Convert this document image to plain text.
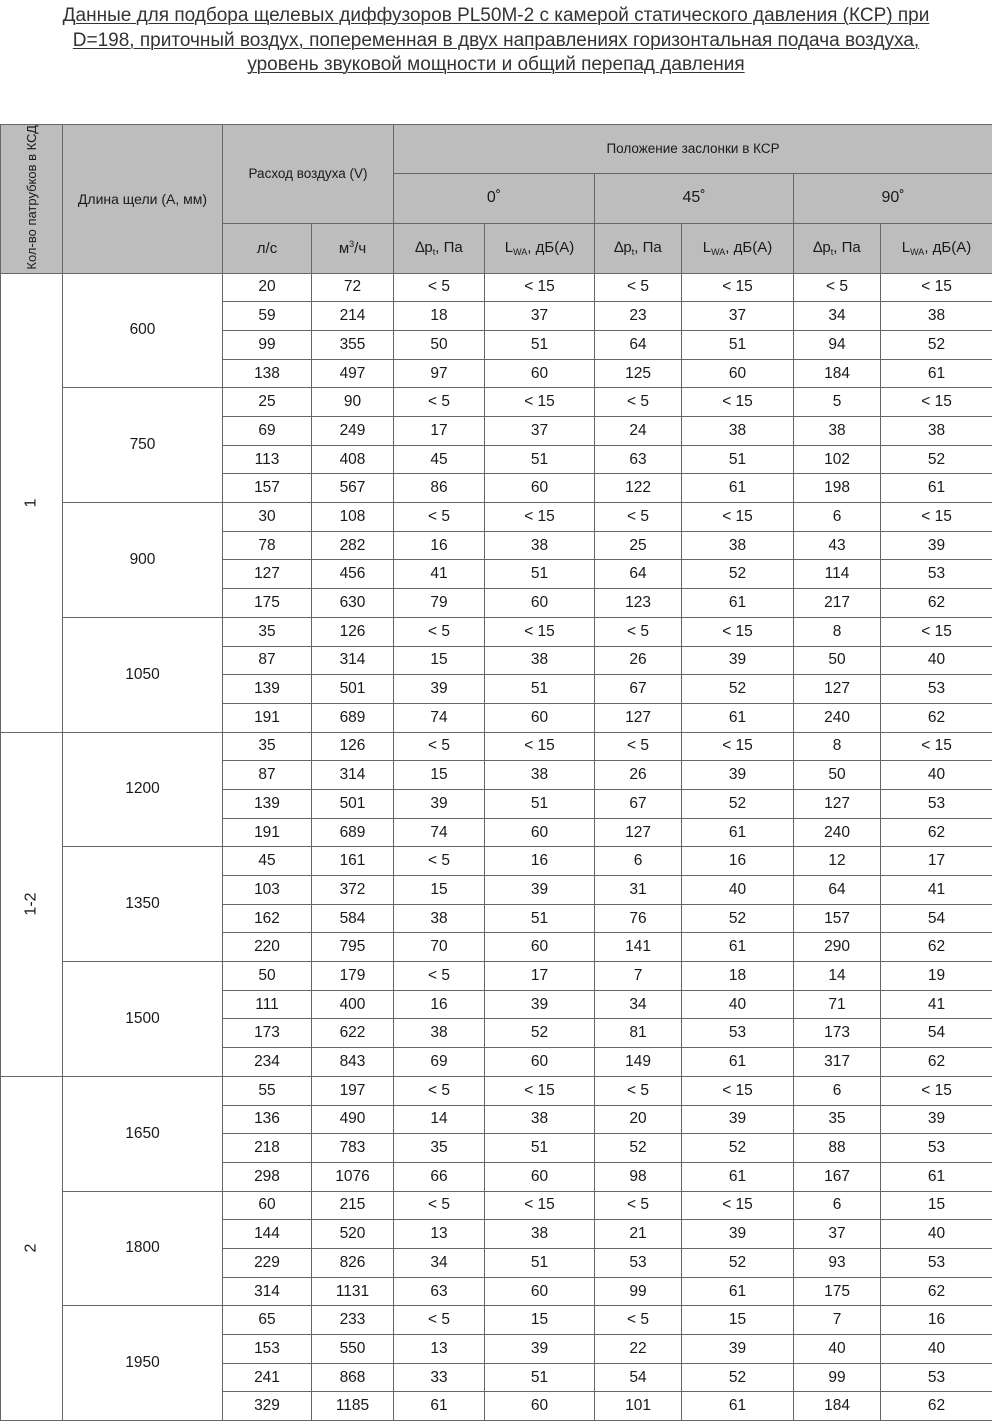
Данные для подбора щелевых диффузоров PL50M-2 с камерой статического давления (КСР) при
D=198, приточный воздух, попеременная в двух направлениях горизонтальная подача воздуха,
уровень звуковой мощности и общий перепад давления
Кол-во патрубков в КСД	Длина щели (А, мм)	Расход воздуха (V)		Положение заслонки в КСР					
				0˚		45˚		90˚	
		л/с	$м^3/ч$	$\Delta p_t$, Па	$L_{WA}$, дБ(А)	$\Delta p_t$, Па	$L_{WA}$, дБ(А)	$\Delta p_t$, Па	$L_{WA}$, дБ(А)
1	600	20	72	< 5	< 15	< 5	< 15	< 5	< 15
		59	214	18	37	23	37	34	38
		99	355	50	51	64	51	94	52
		138	497	97	60	125	60	184	61
	750	25	90	< 5	< 15	< 5	< 15	5	< 15
		69	249	17	37	24	38	38	38
		113	408	45	51	63	51	102	52
		157	567	86	60	122	61	198	61
	900	30	108	< 5	< 15	< 5	< 15	6	< 15
		78	282	16	38	25	38	43	39
		127	456	41	51	64	52	114	53
		175	630	79	60	123	61	217	62
	1050	35	126	< 5	< 15	< 5	< 15	8	< 15
		87	314	15	38	26	39	50	40
		139	501	39	51	67	52	127	53
		191	689	74	60	127	61	240	62
1-2	1200	35	126	< 5	< 15	< 5	< 15	8	< 15
		87	314	15	38	26	39	50	40
		139	501	39	51	67	52	127	53
		191	689	74	60	127	61	240	62
	1350	45	161	< 5	16	6	16	12	17
		103	372	15	39	31	40	64	41
		162	584	38	51	76	52	157	54
		220	795	70	60	141	61	290	62
	1500	50	179	< 5	17	7	18	14	19
		111	400	16	39	34	40	71	41
		173	622	38	52	81	53	173	54
		234	843	69	60	149	61	317	62
2	1650	55	197	< 5	< 15	< 5	< 15	6	< 15
		136	490	14	38	20	39	35	39
		218	783	35	51	52	52	88	53
		298	1076	66	60	98	61	167	61
	1800	60	215	< 5	< 15	< 5	< 15	6	15
		144	520	13	38	21	39	37	40
		229	826	34	51	53	52	93	53
		314	1131	63	60	99	61	175	62
	1950	65	233	< 5	15	< 5	15	7	16
		153	550	13	39	22	39	40	40
		241	868	33	51	54	52	99	53
		329	1185	61	60	101	61	184	62
